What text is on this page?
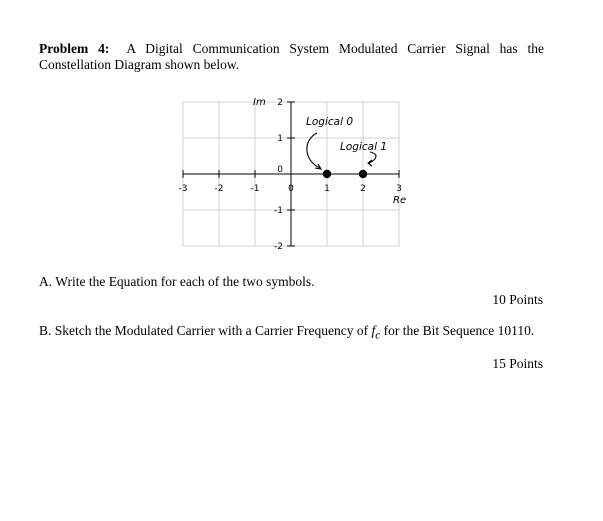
Problem 4: A Digital Communication System Modulated Carrier Signal has the Constellation Diagram shown below.
-3	-2	-1	0	1	2	3
2
1
0
-1
-2
Im
Re
Logical 0
Logical 1
A. Write the Equation for each of the two symbols.
10 Points
B. Sketch the Modulated Carrier with a Carrier Frequency of $f_c$ for the Bit Sequence 10110.
15 Points
